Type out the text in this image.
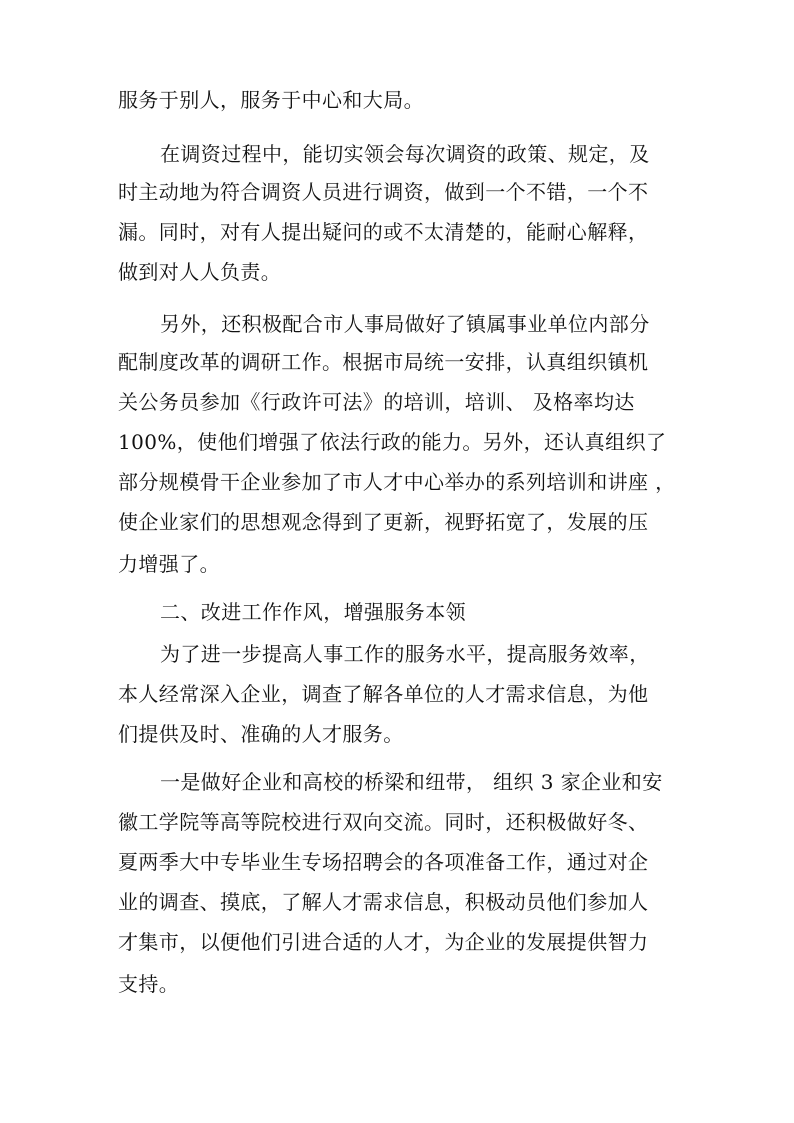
服务于别人，服务于中心和大局。
在调资过程中，能切实领会每次调资的政策、规定，及
时主动地为符合调资人员进行调资，做到一个不错，一个不
漏。同时，对有人提出疑问的或不太清楚的，能耐心解释，
做到对人人负责。
另外，还积极配合市人事局做好了镇属事业单位内部分
配制度改革的调研工作。根据市局统一安排，认真组织镇机
关公务员参加《行政许可法》的培训，培训、 及格率均达
100%，使他们增强了依法行政的能力。另外，还认真组织了
部分规模骨干企业参加了市人才中心举办的系列培训和讲座 ，
使企业家们的思想观念得到了更新，视野拓宽了，发展的压
力增强了。
二、改进工作作风，增强服务本领
为了进一步提高人事工作的服务水平，提高服务效率，
本人经常深入企业，调查了解各单位的人才需求信息，为他
们提供及时、准确的人才服务。
一是做好企业和高校的桥梁和纽带， 组织 3 家企业和安
徽工学院等高等院校进行双向交流。同时，还积极做好冬、
夏两季大中专毕业生专场招聘会的各项准备工作，通过对企
业的调查、摸底，了解人才需求信息，积极动员他们参加人
才集市，以便他们引进合适的人才，为企业的发展提供智力
支持。
